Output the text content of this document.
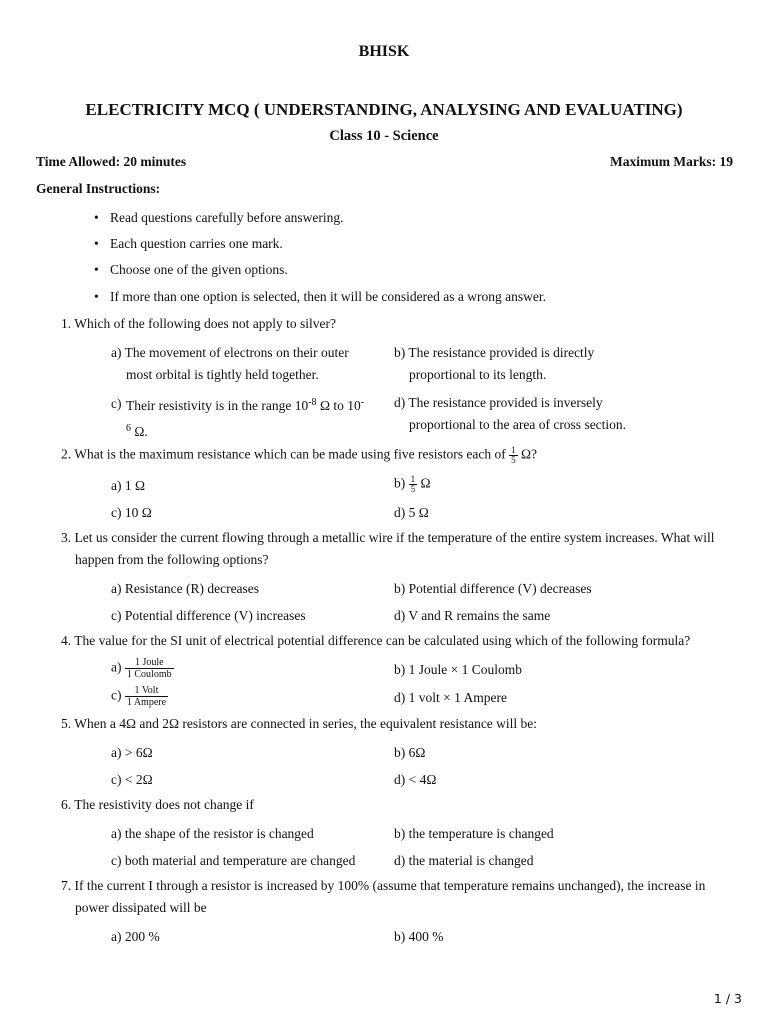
BHISK
ELECTRICITY MCQ ( UNDERSTANDING, ANALYSING AND EVALUATING)
Class 10 - Science
Time Allowed: 20 minutes	Maximum Marks: 19
General Instructions:
• Read questions carefully before answering.
• Each question carries one mark.
• Choose one of the given options.
• If more than one option is selected, then it will be considered as a wrong answer.
1. Which of the following does not apply to silver?
a) The movement of electrons on their outer
most orbital is tightly held together.
b) The resistance provided is directly
proportional to its length.
c) Their resistivity is in the range $10^{-8}$ Ω to 10-
$^6$ Ω.
d) The resistance provided is inversely
proportional to the area of cross section.
2. What is the maximum resistance which can be made using five resistors each of $\frac{1}{5} \Omega$?
a) 1 Ω	$b) \frac{1}{5}$ Ω
c) 10 Ω	d) 5 Ω
3. Let us consider the current flowing through a metallic wire if the temperature of the entire system increases. What will
happen from the following options?
a) Resistance (R) decreases	b) Potential difference (V) decreases
c) Potential difference (V) increases	d) V and R remains the same
4. The value for the SI unit of electrical potential difference can be calculated using which of the following formula?
$a) \frac{\text{1 Joule}}{\text{1 Coulomb}}$	b) 1 Joule × 1 Coulomb
$c) \frac{\text{1 Volt}}{\text{1 Ampere}}$	d) 1 volt × 1 Ampere
5. When a 4Ω and 2Ω resistors are connected in series, the equivalent resistance will be:
a) > 6Ω	b) 6Ω
c) < 2Ω	d) < 4Ω
6. The resistivity does not change if
a) the shape of the resistor is changed	b) the temperature is changed
c) both material and temperature are changed	d) the material is changed
7. If the current I through a resistor is increased by 100% (assume that temperature remains unchanged), the increase in
power dissipated will be
a) 200 %	b) 400 %
1 / 3
